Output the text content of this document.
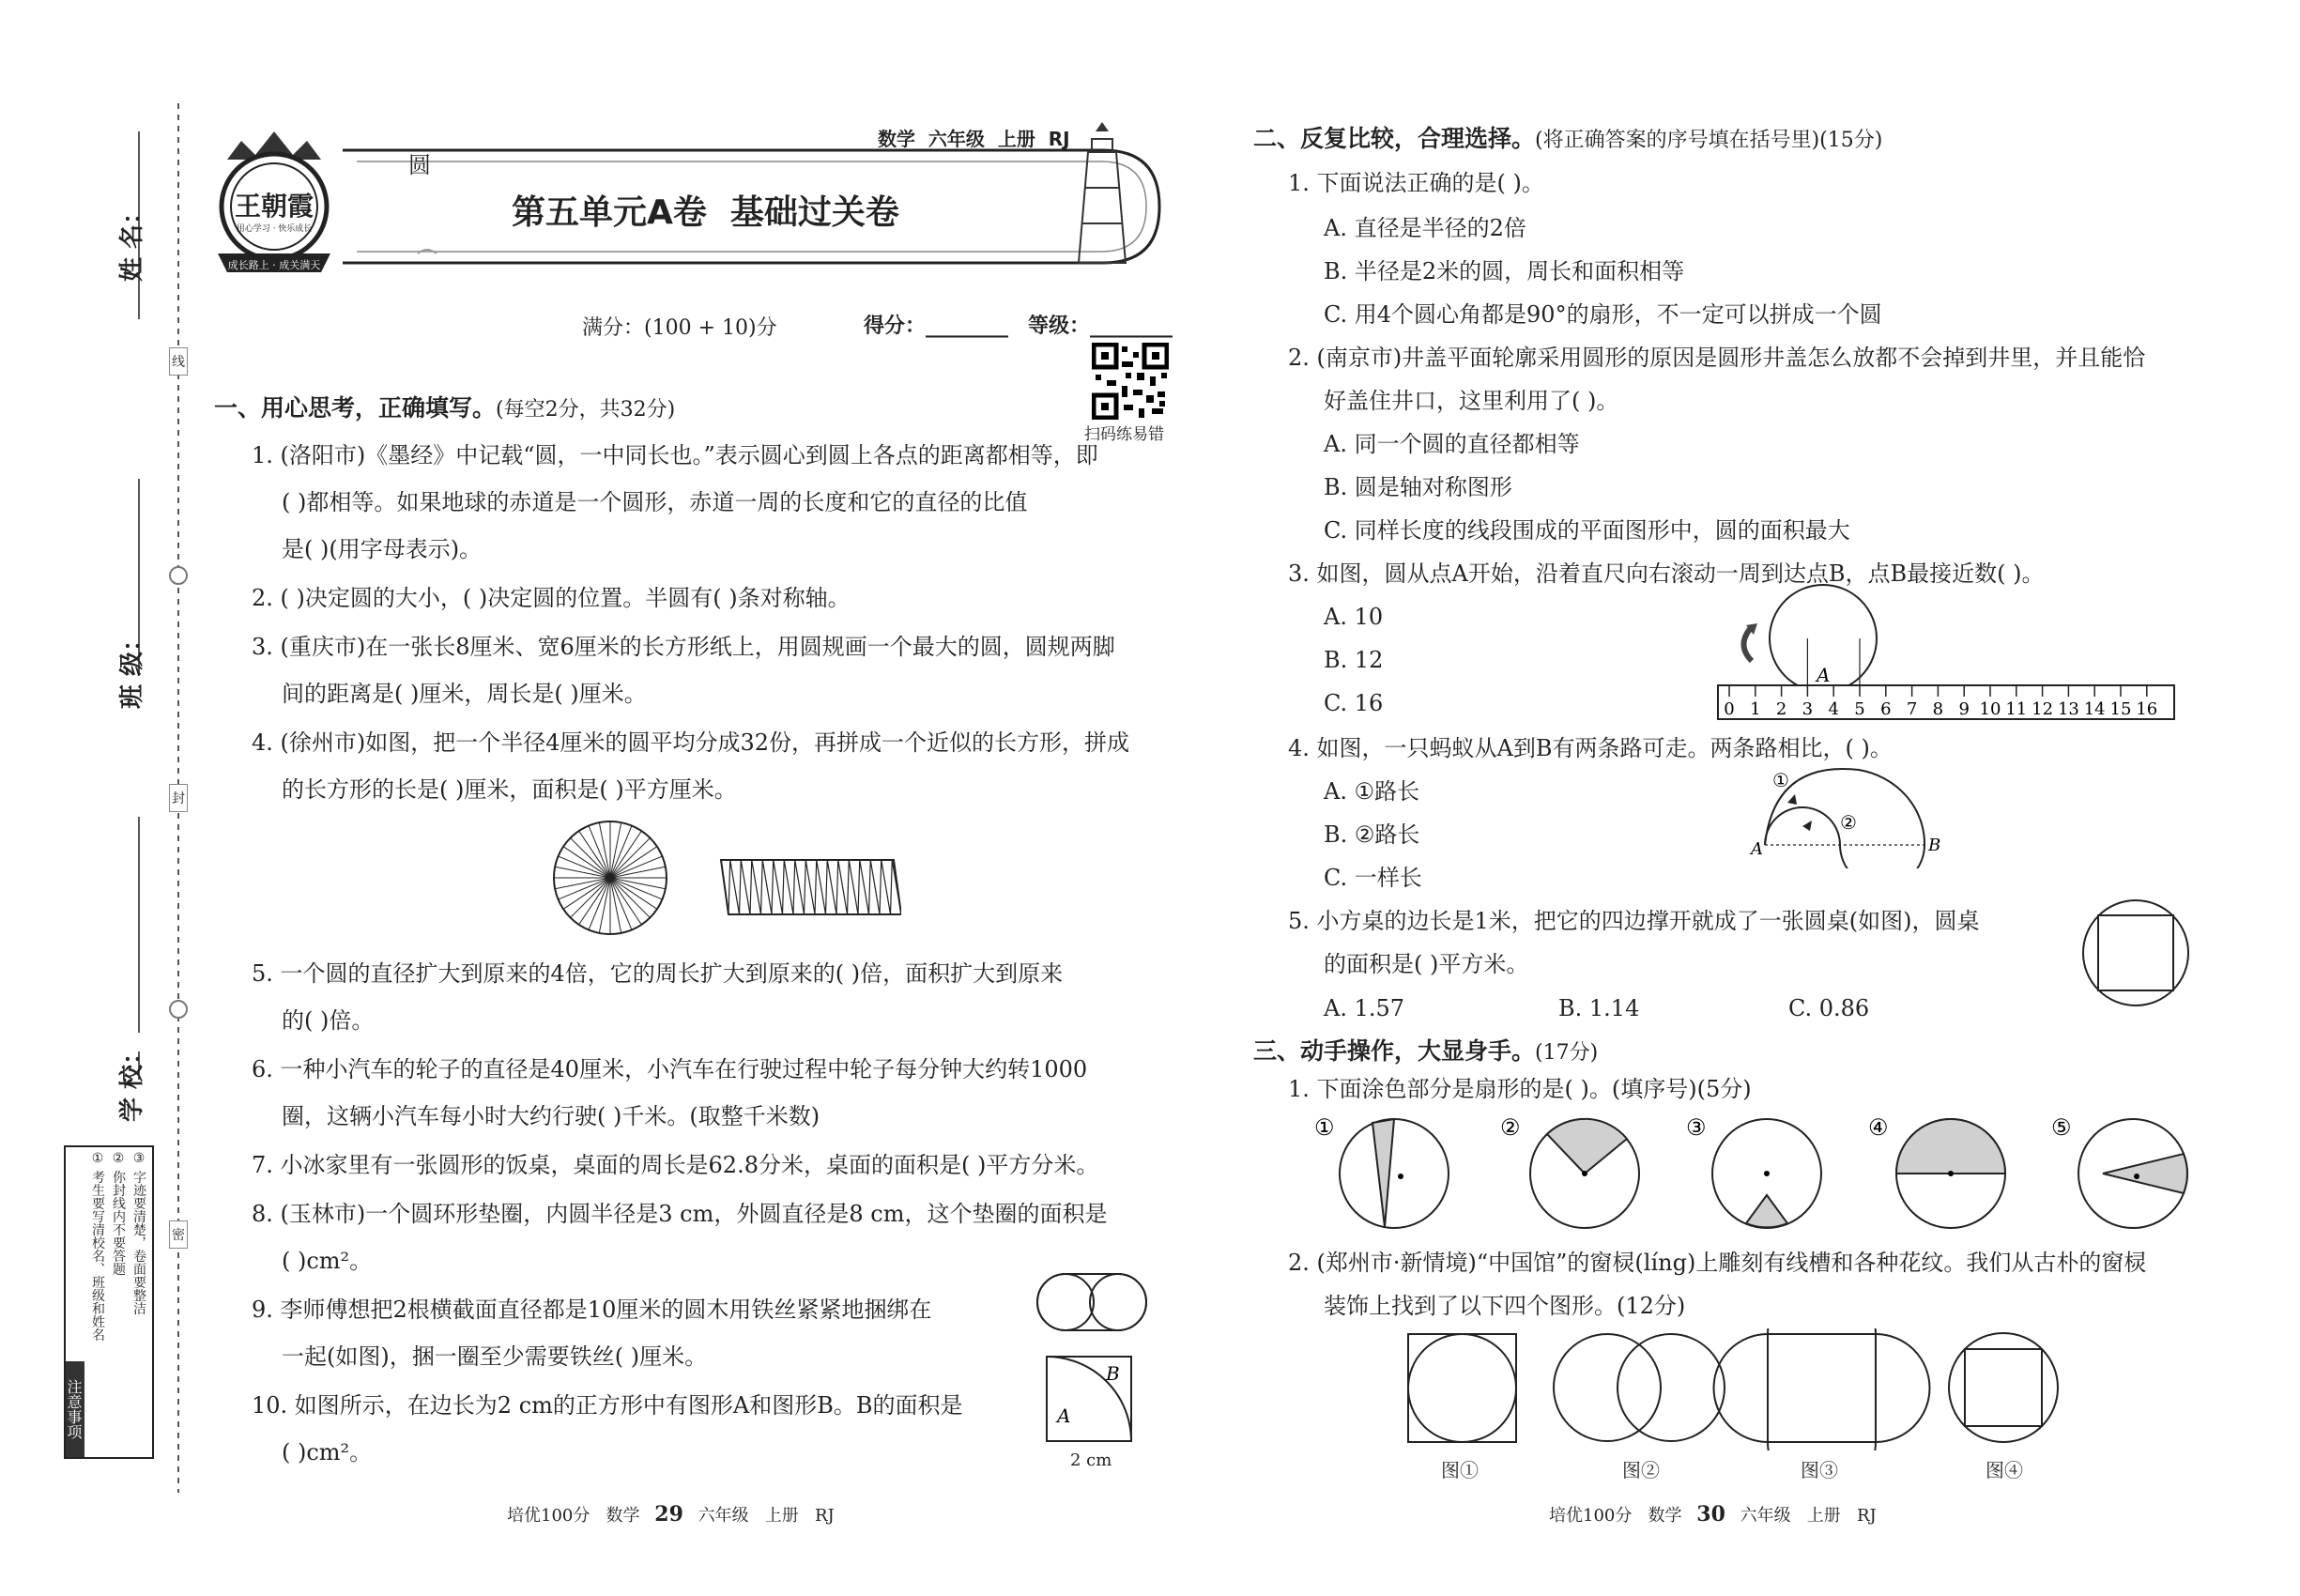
姓 名：
班 级：
学 校：
线
封
密
注意事项
① 考生要写清校名、班级和姓名 ② 你封线内不要答题 ③ 字迹要清楚，卷面要整洁
王朝霞
用心学习 · 快乐成长
成长路上 · 成关满天
圆
数学  六年级  上册  RJ
第五单元A卷  基础过关卷
满分：(100 + 10)分	得分：________ 等级：________
扫码练易错
一、用心思考，正确填写。(每空2分，共32分)
1. (洛阳市)《墨经》中记载“圆，一中同长也。”表示圆心到圆上各点的距离都相等，即
( )都相等。如果地球的赤道是一个圆形，赤道一周的长度和它的直径的比值
是( )(用字母表示)。
2. ( )决定圆的大小，( )决定圆的位置。半圆有( )条对称轴。
3. (重庆市)在一张长8厘米、宽6厘米的长方形纸上，用圆规画一个最大的圆，圆规两脚
间的距离是( )厘米，周长是( )厘米。
4. (徐州市)如图，把一个半径4厘米的圆平均分成32份，再拼成一个近似的长方形，拼成
的长方形的长是( )厘米，面积是( )平方厘米。
5. 一个圆的直径扩大到原来的4倍，它的周长扩大到原来的( )倍，面积扩大到原来
的( )倍。
6. 一种小汽车的轮子的直径是40厘米，小汽车在行驶过程中轮子每分钟大约转1000
圈，这辆小汽车每小时大约行驶( )千米。(取整千米数)
7. 小冰家里有一张圆形的饭桌，桌面的周长是62.8分米，桌面的面积是( )平方分米。
8. (玉林市)一个圆环形垫圈，内圆半径是3 cm，外圆直径是8 cm，这个垫圈的面积是
( )cm²。
9. 李师傅想把2根横截面直径都是10厘米的圆木用铁丝紧紧地捆绑在
一起(如图)，捆一圈至少需要铁丝( )厘米。
10. 如图所示，在边长为2 cm的正方形中有图形A和图形B。B的面积是
( )cm²。
B
A
2 cm
二、反复比较，合理选择。(将正确答案的序号填在括号里)(15分)
1. 下面说法正确的是( )。
A. 直径是半径的2倍
B. 半径是2米的圆，周长和面积相等
C. 用4个圆心角都是90°的扇形，不一定可以拼成一个圆
2. (南京市)井盖平面轮廓采用圆形的原因是圆形井盖怎么放都不会掉到井里，并且能恰
好盖住井口，这里利用了( )。
A. 同一个圆的直径都相等
B. 圆是轴对称图形
C. 同样长度的线段围成的平面图形中，圆的面积最大
3. 如图，圆从点A开始，沿着直尺向右滚动一周到达点B，点B最接近数( )。
A. 10
B. 12
C. 16	0 1 2 3 4 5 6 7 8 9 10 11 12 13 14 15 16
A
4. 如图，一只蚂蚁从A到B有两条路可走。两条路相比，( )。
A. ①路长
B. ②路长
C. 一样长
①
②
A	B
5. 小方桌的边长是1米，把它的四边撑开就成了一张圆桌(如图)，圆桌
的面积是( )平方米。
A. 1.57	B. 1.14	C. 0.86
三、动手操作，大显身手。(17分)
1. 下面涂色部分是扇形的是( )。(填序号)(5分)
①	②	③	④	⑤
2. (郑州市·新情境)“中国馆”的窗棂(líng)上雕刻有线槽和各种花纹。我们从古朴的窗棂
装饰上找到了以下四个图形。(12分)
图①	图②	图③	图④
培优100分   数学 29 六年级   上册   RJ	培优100分   数学 30 六年级   上册   RJ
